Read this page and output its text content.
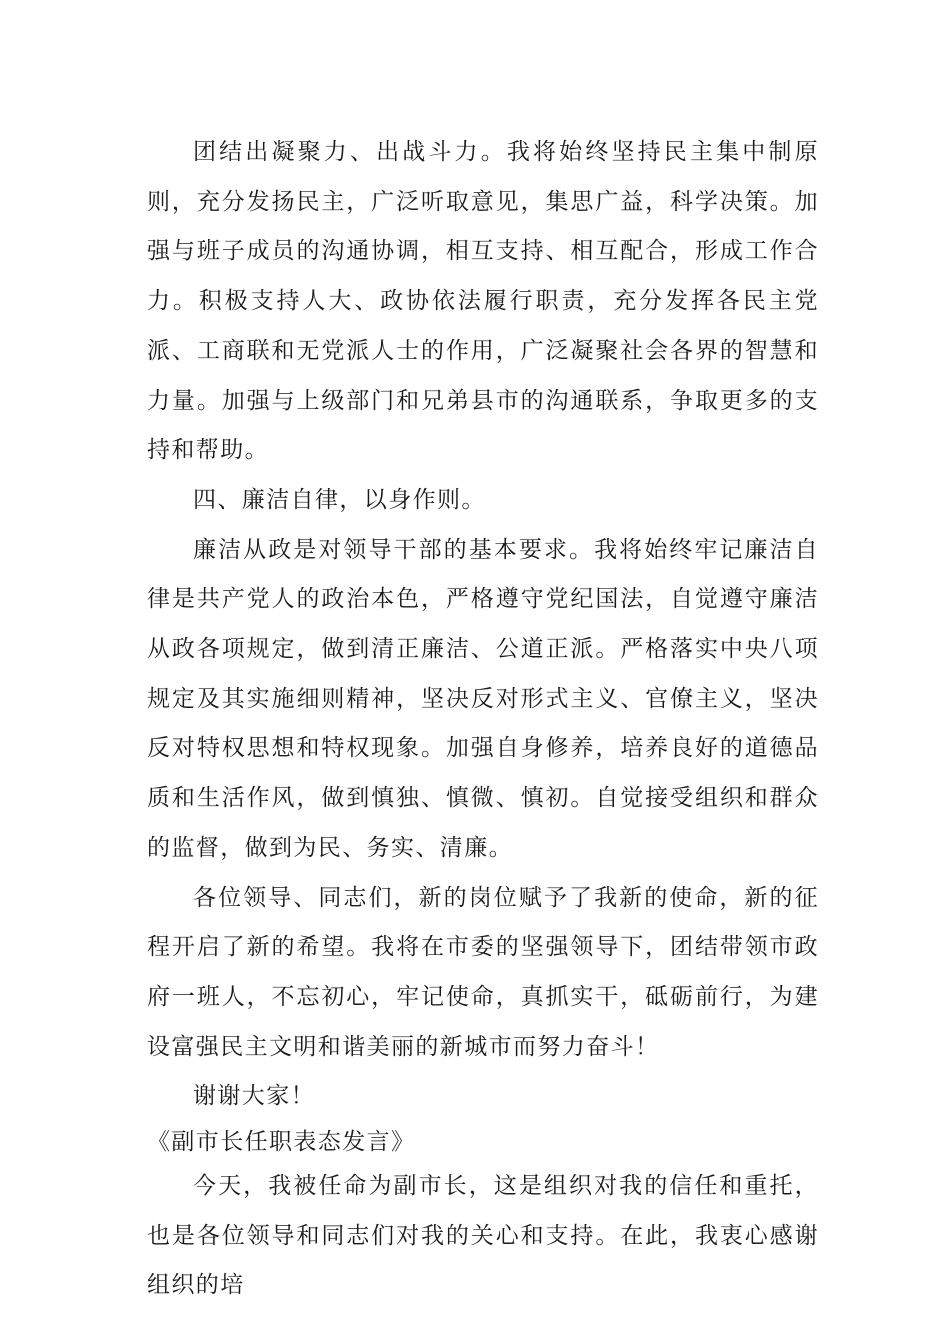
团结出凝聚力、出战斗力。我将始终坚持民主集中制原则，充分发扬民主，广泛听取意见，集思广益，科学决策。加强与班子成员的沟通协调，相互支持、相互配合，形成工作合力。积极支持人大、政协依法履行职责，充分发挥各民主党派、工商联和无党派人士的作用，广泛凝聚社会各界的智慧和力量。加强与上级部门和兄弟县市的沟通联系，争取更多的支持和帮助。

四、廉洁自律，以身作则。

廉洁从政是对领导干部的基本要求。我将始终牢记廉洁自律是共产党人的政治本色，严格遵守党纪国法，自觉遵守廉洁从政各项规定，做到清正廉洁、公道正派。严格落实中央八项规定及其实施细则精神，坚决反对形式主义、官僚主义，坚决反对特权思想和特权现象。加强自身修养，培养良好的道德品质和生活作风，做到慎独、慎微、慎初。自觉接受组织和群众的监督，做到为民、务实、清廉。

各位领导、同志们，新的岗位赋予了我新的使命，新的征程开启了新的希望。我将在市委的坚强领导下，团结带领市政府一班人，不忘初心，牢记使命，真抓实干，砥砺前行，为建设富强民主文明和谐美丽的新城市而努力奋斗！

谢谢大家！

《副市长任职表态发言》

今天，我被任命为副市长，这是组织对我的信任和重托，也是各位领导和同志们对我的关心和支持。在此，我衷心感谢组织的培
